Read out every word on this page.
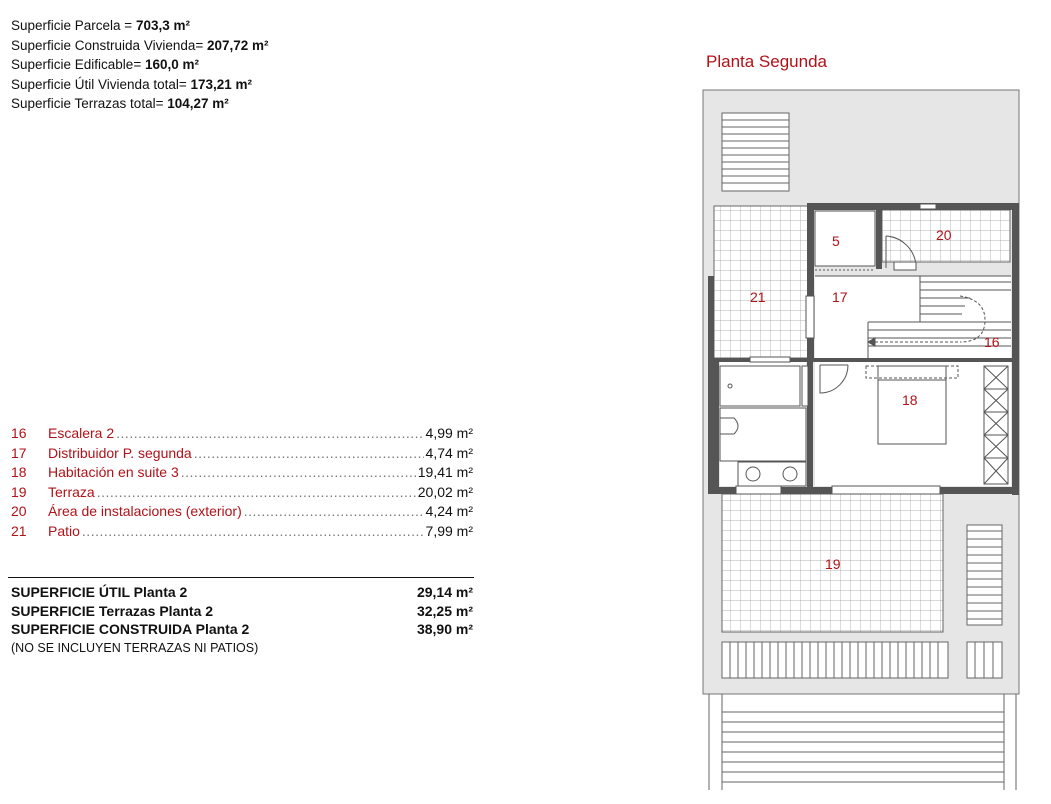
Superficie Parcela = 703,3 m²
Superficie Construida Vivienda= 207,72 m²
Superficie Edificable= 160,0 m²
Superficie Útil Vivienda total= 173,21 m²
Superficie Terrazas total= 104,27 m²
16	Escalera 2 .....	4,99 m²
17	Distribuidor P. segunda .....	4,74 m²
18	Habitación en suite 3 .....	19,41 m²
19	Terraza .....	20,02 m²
20	Área de instalaciones (exterior) .....	4,24 m²
21	Patio .....	7,99 m²
SUPERFICIE ÚTIL Planta 2	29,14 m²
SUPERFICIE Terrazas Planta 2	32,25 m²
SUPERFICIE CONSTRUIDA Planta 2	38,90 m²
(NO SE INCLUYEN TERRAZAS NI PATIOS)
Planta Segunda
5	20
21	17
16
18
19
